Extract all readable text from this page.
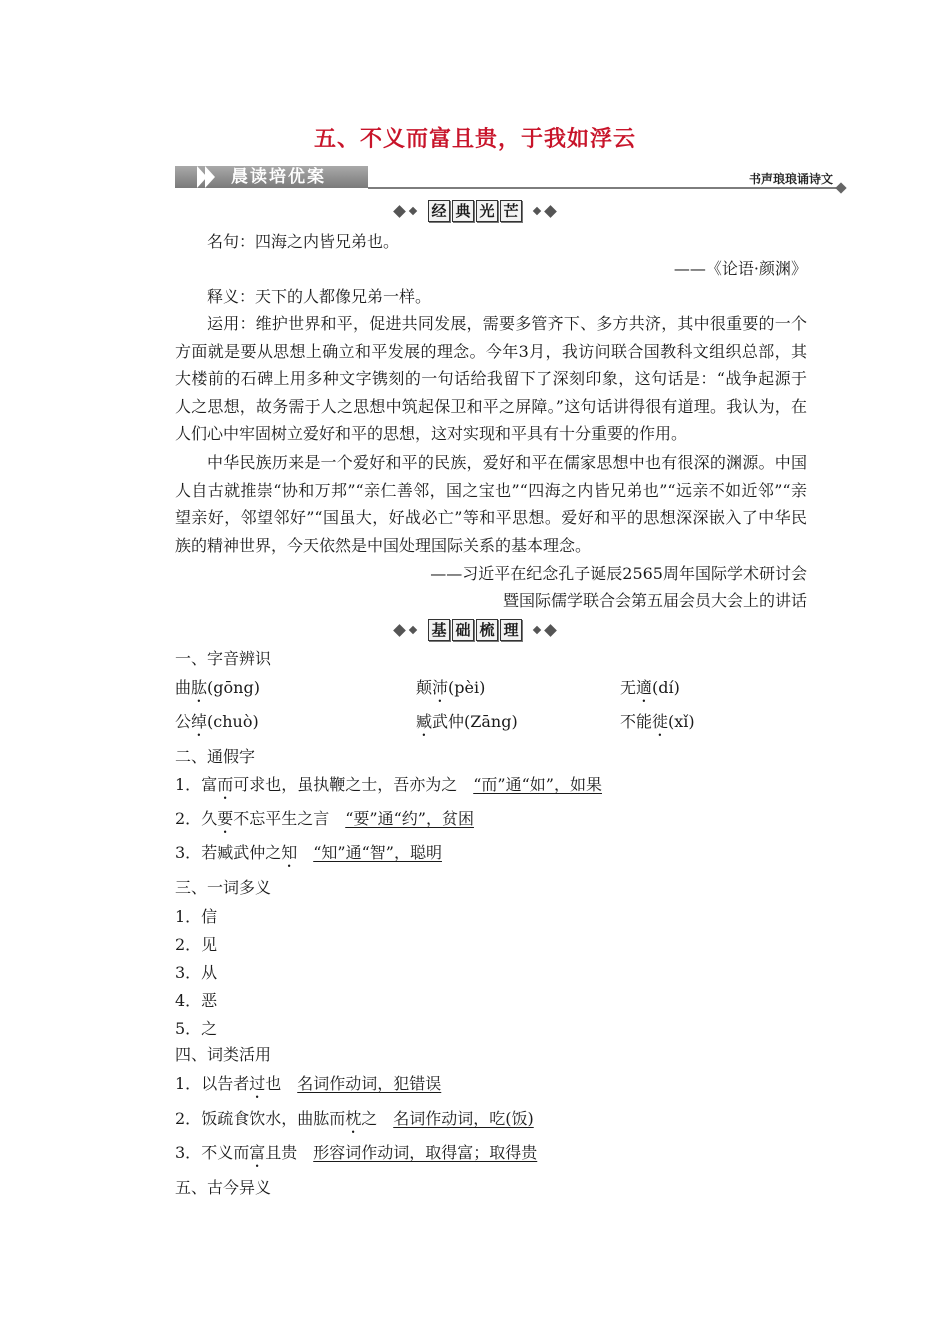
五、不义而富且贵，于我如浮云
晨读培优案	书声琅琅诵诗文
经 典 光 芒
名句：四海之内皆兄弟也。
——《论语·颜渊》
释义：天下的人都像兄弟一样。
运用：维护世界和平，促进共同发展，需要多管齐下、多方共济，其中很重要的一个方面就是要从思想上确立和平发展的理念。今年3月，我访问联合国教科文组织总部，其大楼前的石碑上用多种文字镌刻的一句话给我留下了深刻印象，这句话是：“战争起源于人之思想，故务需于人之思想中筑起保卫和平之屏障。”这句话讲得很有道理。我认为，在人们心中牢固树立爱好和平的思想，这对实现和平具有十分重要的作用。
中华民族历来是一个爱好和平的民族，爱好和平在儒家思想中也有很深的渊源。中国人自古就推崇“协和万邦”“亲仁善邻，国之宝也”“四海之内皆兄弟也”“远亲不如近邻”“亲望亲好，邻望邻好”“国虽大，好战必亡”等和平思想。爱好和平的思想深深嵌入了中华民族的精神世界，今天依然是中国处理国际关系的基本理念。
——习近平在纪念孔子诞辰2565周年国际学术研讨会
暨国际儒学联合会第五届会员大会上的讲话
基 础 梳 理
一、字音辨识
曲肱(gōng)	颠沛(pèi)	无適(dí)
公绰(chuò)	臧武仲(Zāng)	不能徙(xǐ)
二、通假字
1．富而可求也，虽执鞭之士，吾亦为之 “而”通“如”，如果
2．久要不忘平生之言 “要”通“约”，贫困
3．若臧武仲之知 “知”通“智”，聪明
三、一词多义
1．信
2．见
3．从
4．恶
5．之
四、词类活用
1．以告者过也 名词作动词，犯错误
2．饭疏食饮水，曲肱而枕之 名词作动词，吃(饭)
3．不义而富且贵 形容词作动词，取得富；取得贵
五、古今异义
